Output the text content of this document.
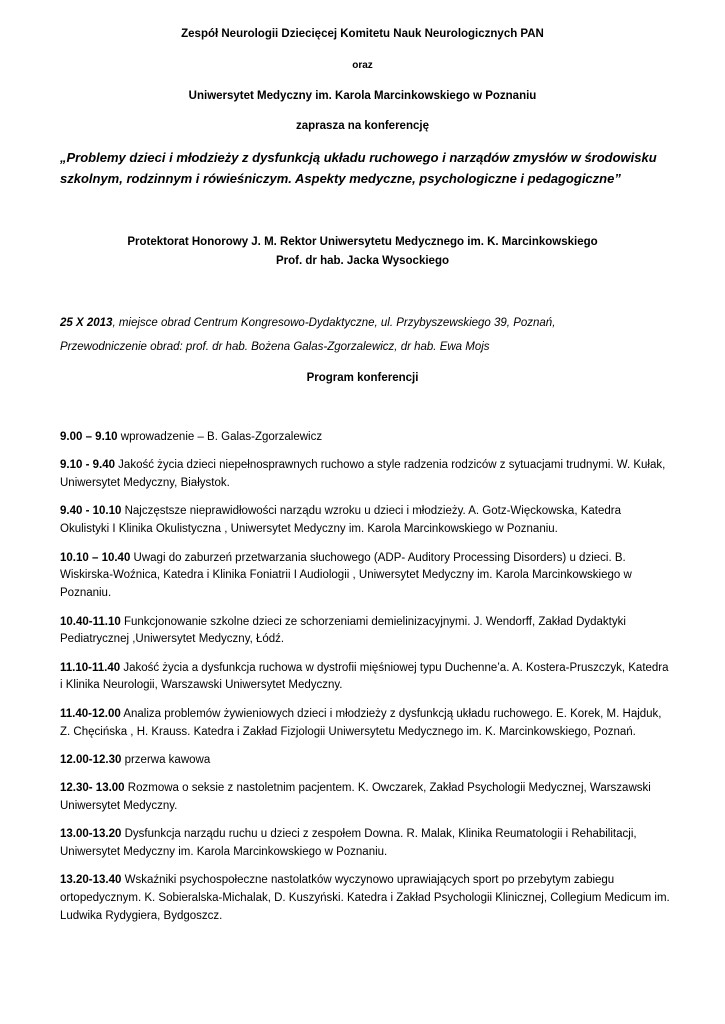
Zespół Neurologii Dziecięcej Komitetu Nauk Neurologicznych PAN
oraz
Uniwersytet Medyczny im. Karola Marcinkowskiego w Poznaniu
zaprasza na konferencję
„Problemy dzieci i młodzieży z dysfunkcją układu ruchowego i narządów zmysłów w środowisku szkolnym, rodzinnym i rówieśniczym. Aspekty medyczne, psychologiczne i pedagogiczne”
Protektorat Honorowy J. M. Rektor Uniwersytetu Medycznego im. K. Marcinkowskiego
Prof. dr hab. Jacka Wysockiego
25 X 2013, miejsce obrad Centrum Kongresowo-Dydaktyczne, ul. Przybyszewskiego 39, Poznań,
Przewodniczenie obrad: prof. dr hab. Bożena Galas-Zgorzalewicz, dr hab. Ewa Mojs
Program konferencji
9.00 – 9.10 wprowadzenie – B. Galas-Zgorzalewicz
9.10 - 9.40 Jakość życia dzieci niepełnosprawnych ruchowo a style radzenia rodziców z sytuacjami trudnymi. W. Kułak, Uniwersytet Medyczny, Białystok.
9.40 - 10.10 Najczęstsze nieprawidłowości narządu wzroku u dzieci i młodzieży. A. Gotz-Więckowska, Katedra Okulistyki I Klinika Okulistyczna , Uniwersytet Medyczny im. Karola Marcinkowskiego w Poznaniu.
10.10 – 10.40 Uwagi do zaburzeń przetwarzania słuchowego (ADP- Auditory Processing Disorders) u dzieci. B. Wiskirska-Woźnica, Katedra i Klinika Foniatrii I Audiologii , Uniwersytet Medyczny im. Karola Marcinkowskiego w Poznaniu.
10.40-11.10 Funkcjonowanie szkolne dzieci ze schorzeniami demielinizacyjnymi. J. Wendorff, Zakład Dydaktyki Pediatrycznej ,Uniwersytet Medyczny, Łódź.
11.10-11.40 Jakość życia a dysfunkcja ruchowa w dystrofii mięśniowej typu Duchenne’a. A. Kostera-Pruszczyk, Katedra i Klinika Neurologii, Warszawski Uniwersytet Medyczny.
11.40-12.00 Analiza problemów żywieniowych dzieci i młodzieży z dysfunkcją układu ruchowego. E. Korek, M. Hajduk, Z. Chęcińska , H. Krauss. Katedra i Zakład Fizjologii Uniwersytetu Medycznego im. K. Marcinkowskiego, Poznań.
12.00-12.30 przerwa kawowa
12.30- 13.00 Rozmowa o seksie z nastoletnim pacjentem. K. Owczarek, Zakład Psychologii Medycznej, Warszawski Uniwersytet Medyczny.
13.00-13.20 Dysfunkcja narządu ruchu u dzieci z zespołem Downa. R. Malak, Klinika Reumatologii i Rehabilitacji, Uniwersytet Medyczny im. Karola Marcinkowskiego w Poznaniu.
13.20-13.40 Wskaźniki psychospołeczne nastolatków wyczynowo uprawiających sport po przebytym zabiegu ortopedycznym. K. Sobieralska-Michalak, D. Kuszyński. Katedra i Zakład Psychologii Klinicznej, Collegium Medicum im. Ludwika Rydygiera, Bydgoszcz.
